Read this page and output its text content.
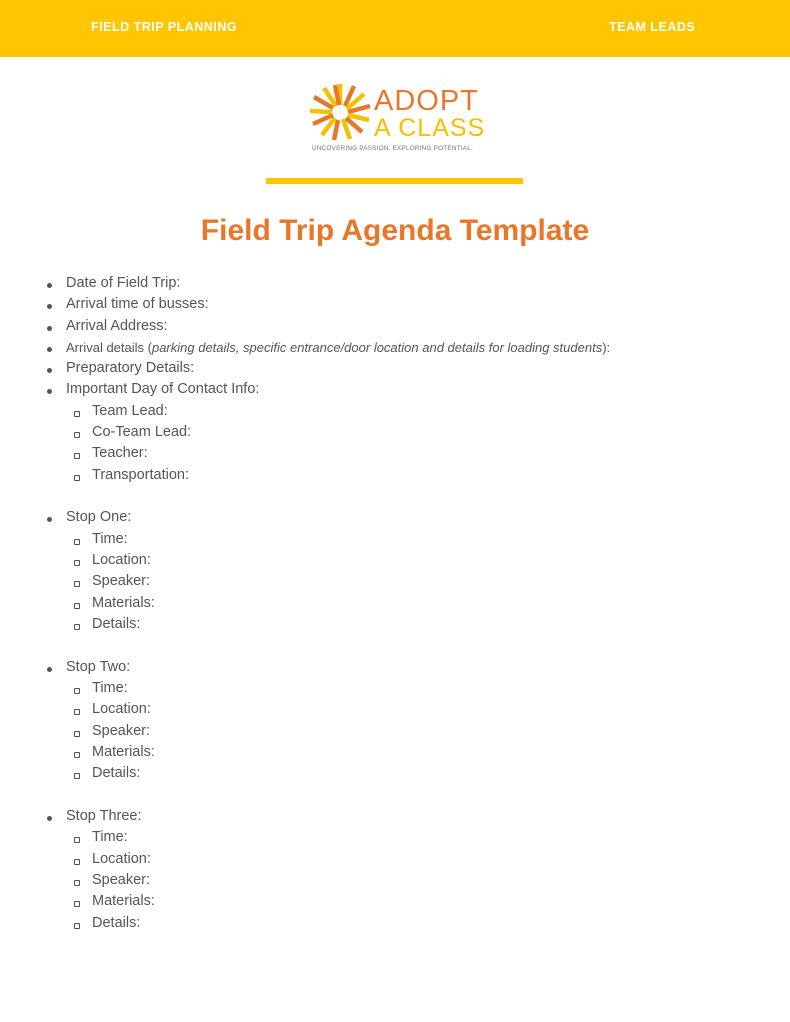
FIELD TRIP PLANNING	TEAM LEADS
ADOPT
A CLASS
UNCOVERING PASSION. EXPLORING POTENTIAL.
Field Trip Agenda Template
Date of Field Trip:
Arrival time of busses:
Arrival Address:
Arrival details (parking details, specific entrance/door location and details for loading students):
Preparatory Details:
Important Day of Contact Info:
Team Lead:
Co-Team Lead:
Teacher:
Transportation:
Stop One:
Time:
Location:
Speaker:
Materials:
Details:
Stop Two:
Time:
Location:
Speaker:
Materials:
Details:
Stop Three:
Time:
Location:
Speaker:
Materials:
Details:
